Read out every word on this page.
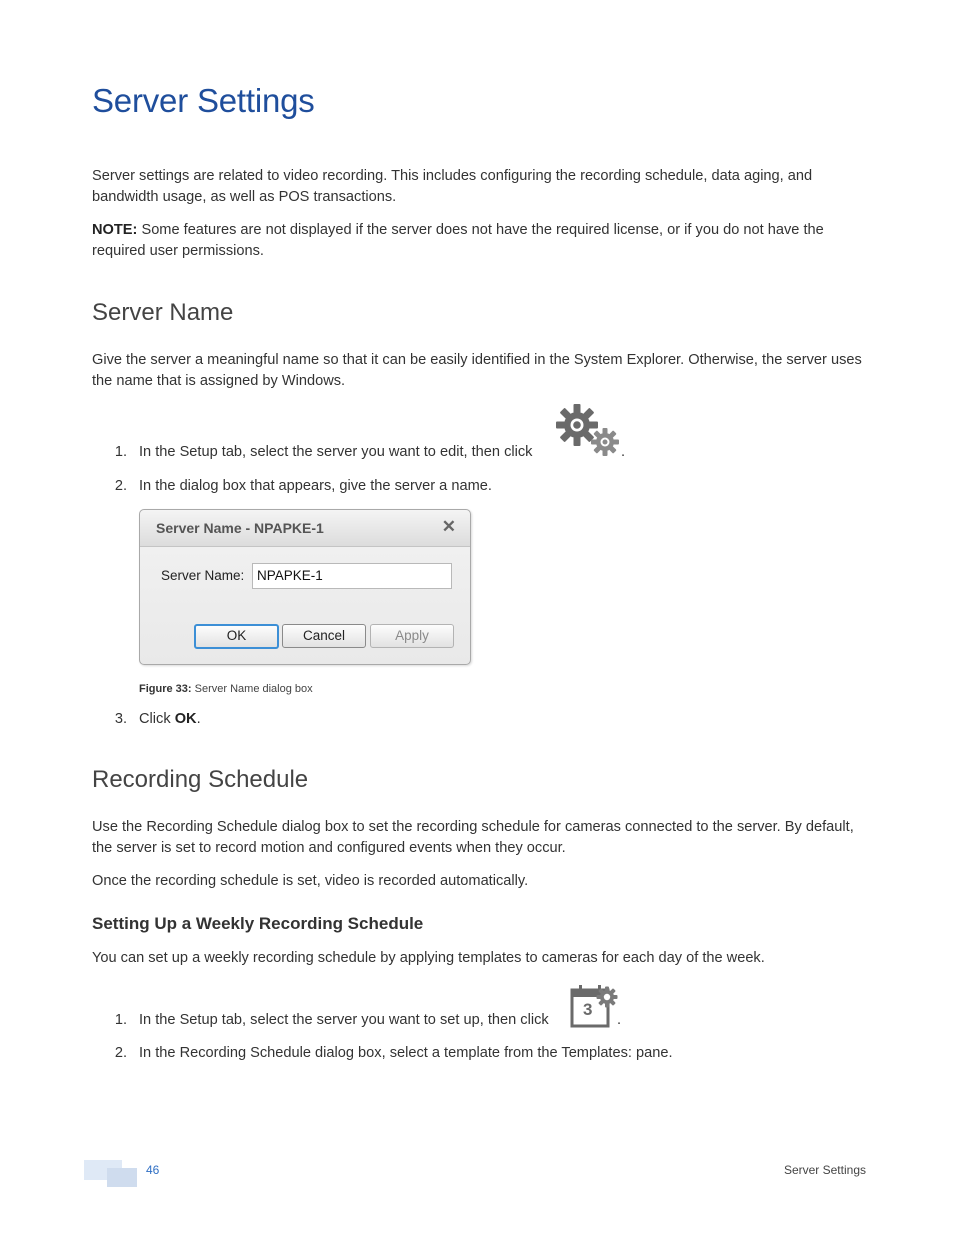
Server Settings

Server settings are related to video recording. This includes configuring the recording schedule, data aging, and bandwidth usage, as well as POS transactions.

NOTE: Some features are not displayed if the server does not have the required license, or if you do not have the required user permissions.

Server Name

Give the server a meaningful name so that it can be easily identified in the System Explorer. Otherwise, the server uses the name that is assigned by Windows.

1. In the Setup tab, select the server you want to edit, then click	.
2. In the dialog box that appears, give the server a name.
Server Name - NPAPKE-1	✕
Server Name: NPAPKE-1
OK	Cancel	Apply
Figure 33: Server Name dialog box
3. Click OK.
Recording Schedule

Use the Recording Schedule dialog box to set the recording schedule for cameras connected to the server. By default, the server is set to record motion and configured events when they occur.

Once the recording schedule is set, video is recorded automatically.

Setting Up a Weekly Recording Schedule

You can set up a weekly recording schedule by applying templates to cameras for each day of the week.

1. In the Setup tab, select the server you want to set up, then click
3
.
2. In the Recording Schedule dialog box, select a template from the Templates: pane.
46	Server Settings
